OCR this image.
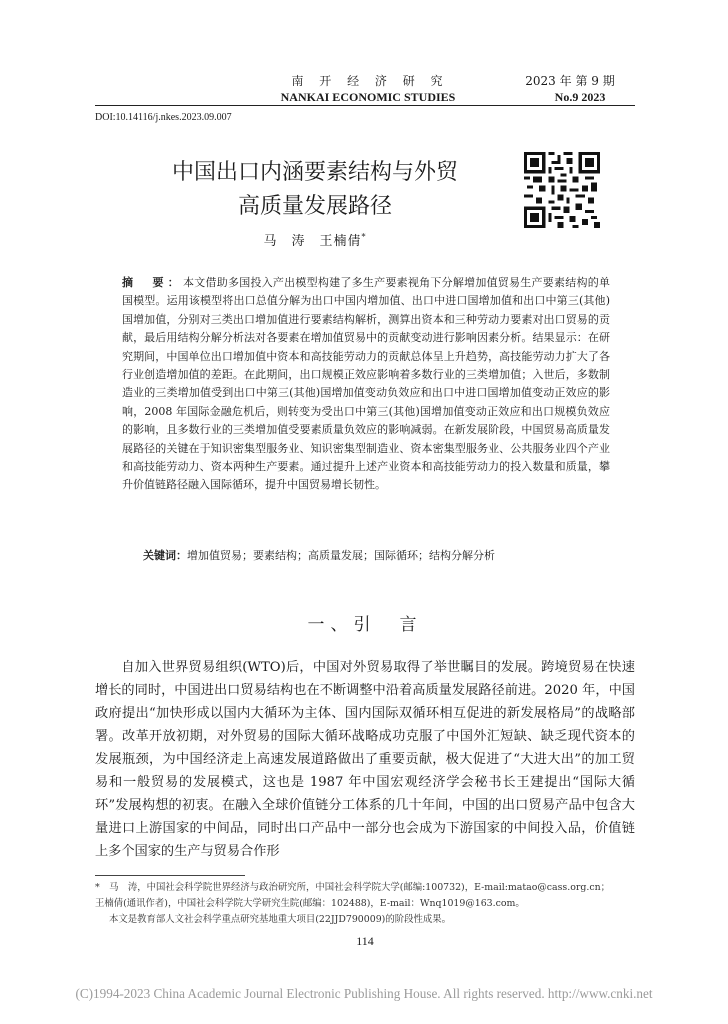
南 开 经 济 研 究
NANKAI ECONOMIC STUDIES
2023 年 第 9 期
No.9 2023
DOI:10.14116/j.nkes.2023.09.007
中国出口内涵要素结构与外贸
高质量发展路径
马　涛　王楠倩*
摘　要：本文借助多国投入产出模型构建了多生产要素视角下分解增加值贸易生产要素结构的单国模型。运用该模型将出口总值分解为出口中国内增加值、出口中进口国增加值和出口中第三(其他)国增加值，分别对三类出口增加值进行要素结构解析，测算出资本和三种劳动力要素对出口贸易的贡献，最后用结构分解分析法对各要素在增加值贸易中的贡献变动进行影响因素分析。结果显示：在研究期间，中国单位出口增加值中资本和高技能劳动力的贡献总体呈上升趋势，高技能劳动力扩大了各行业创造增加值的差距。在此期间，出口规模正效应影响着多数行业的三类增加值；入世后，多数制造业的三类增加值受到出口中第三(其他)国增加值变动负效应和出口中进口国增加值变动正效应的影响，2008 年国际金融危机后，则转变为受出口中第三(其他)国增加值变动正效应和出口规模负效应的影响，且多数行业的三类增加值受要素质量负效应的影响减弱。在新发展阶段，中国贸易高质量发展路径的关键在于知识密集型服务业、知识密集型制造业、资本密集型服务业、公共服务业四个产业和高技能劳动力、资本两种生产要素。通过提升上述产业资本和高技能劳动力的投入数量和质量，攀升价值链路径融入国际循环，提升中国贸易增长韧性。
关键词：增加值贸易；要素结构；高质量发展；国际循环；结构分解分析
一、引　言

自加入世界贸易组织(WTO)后，中国对外贸易取得了举世瞩目的发展。跨境贸易在快速增长的同时，中国进出口贸易结构也在不断调整中沿着高质量发展路径前进。2020 年，中国政府提出“加快形成以国内大循环为主体、国内国际双循环相互促进的新发展格局”的战略部署。改革开放初期，对外贸易的国际大循环战略成功克服了中国外汇短缺、缺乏现代资本的发展瓶颈，为中国经济走上高速发展道路做出了重要贡献，极大促进了“大进大出”的加工贸易和一般贸易的发展模式，这也是 1987 年中国宏观经济学会秘书长王建提出“国际大循环”发展构想的初衷。在融入全球价值链分工体系的几十年间，中国的出口贸易产品中包含大量进口上游国家的中间品，同时出口产品中一部分也会成为下游国家的中间投入品，价值链上多个国家的生产与贸易合作形

*　 马　涛，中国社会科学院世界经济与政治研究所，中国社会科学院大学(邮编:100732)，E-mail:matao@cass.org.cn；王楠倩(通讯作者)，中国社会科学院大学研究生院(邮编：102488)，E-mail：Wnq1019@163.com。
本文是教育部人文社会科学重点研究基地重大项目(22JJD790009)的阶段性成果。
114
(C)1994-2023 China Academic Journal Electronic Publishing House. All rights reserved. http://www.cnki.net
